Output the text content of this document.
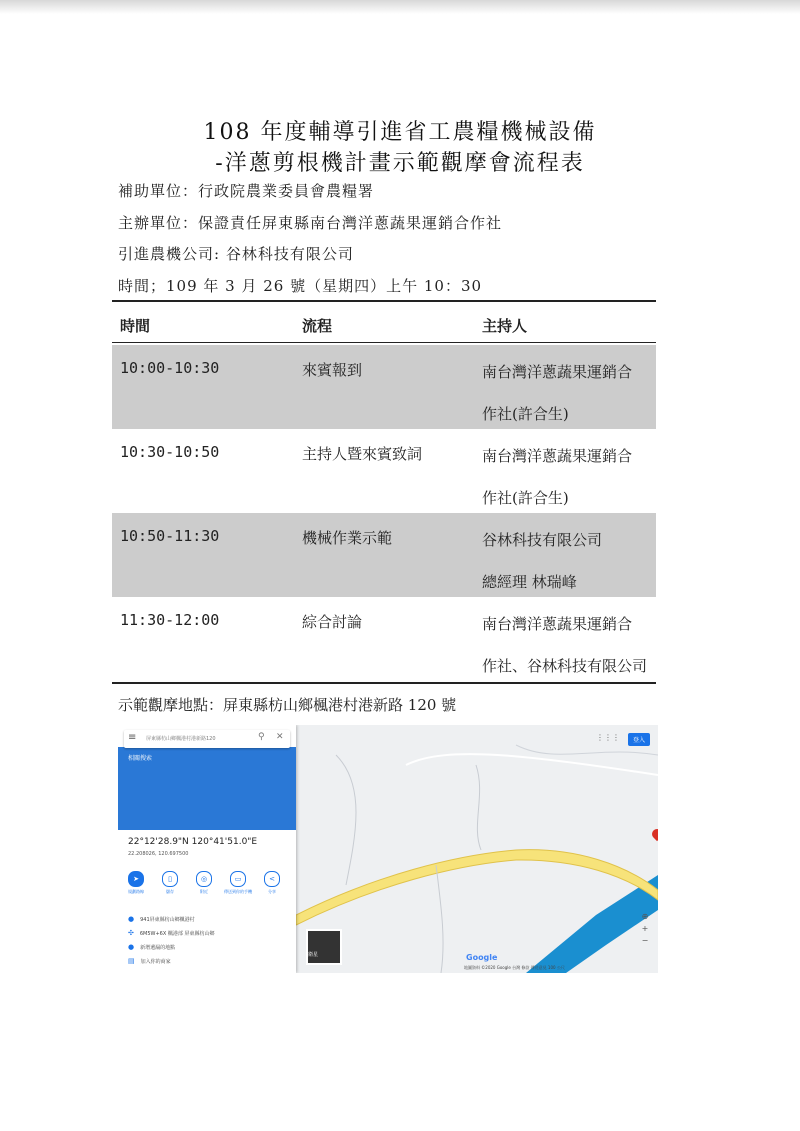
108 年度輔導引進省工農糧機械設備
-洋蔥剪根機計畫示範觀摩會流程表
補助單位：行政院農業委員會農糧署
主辦單位：保證責任屏東縣南台灣洋蔥蔬果運銷合作社
引進農機公司: 谷林科技有限公司
時間；109 年 3 月 26 號（星期四）上午 10：30
時間	流程	主持人
10:00-10:30	來賓報到	南台灣洋蔥蔬果運銷合
作社(許合生)
10:30-10:50	主持人暨來賓致詞	南台灣洋蔥蔬果運銷合
作社(許合生)
10:50-11:30	機械作業示範	谷林科技有限公司
總經理 林瑞峰
11:30-12:00	綜合討論	南台灣洋蔥蔬果運銷合
作社、谷林科技有限公司
示範觀摩地點：屏東縣枋山鄉楓港村港新路 120 號
⋮⋮⋮	登入
⊕
+
−
衛星	Google
地圖資料 ©2020 Google 台灣 條款 傳送意見 100 公尺
相關搜索
≡ 屏東縣枋山鄉楓港村港新路120	⚲ ✕
22°12'28.9"N 120°41'51.0"E
22.208026, 120.697500
➤
規劃路線
▯
儲存
◎
附近
▭
傳送到你的手機
<
分享
● 941屏東縣枋山鄉楓港村
✣ 6M5W+6X 楓港部 屏東縣枋山鄉
● 新增遺漏的地點
▤ 加入你的商家
